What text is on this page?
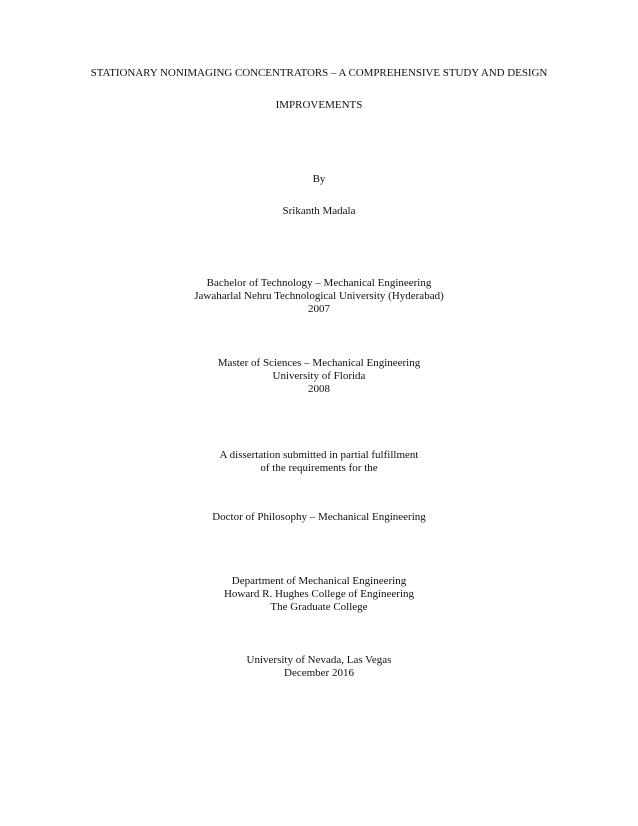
STATIONARY NONIMAGING CONCENTRATORS – A COMPREHENSIVE STUDY AND DESIGN
IMPROVEMENTS
By
Srikanth Madala
Bachelor of Technology – Mechanical Engineering
Jawaharlal Nehru Technological University (Hyderabad)
2007
Master of Sciences – Mechanical Engineering
University of Florida
2008
A dissertation submitted in partial fulfillment
of the requirements for the
Doctor of Philosophy – Mechanical Engineering
Department of Mechanical Engineering
Howard R. Hughes College of Engineering
The Graduate College
University of Nevada, Las Vegas
December 2016
